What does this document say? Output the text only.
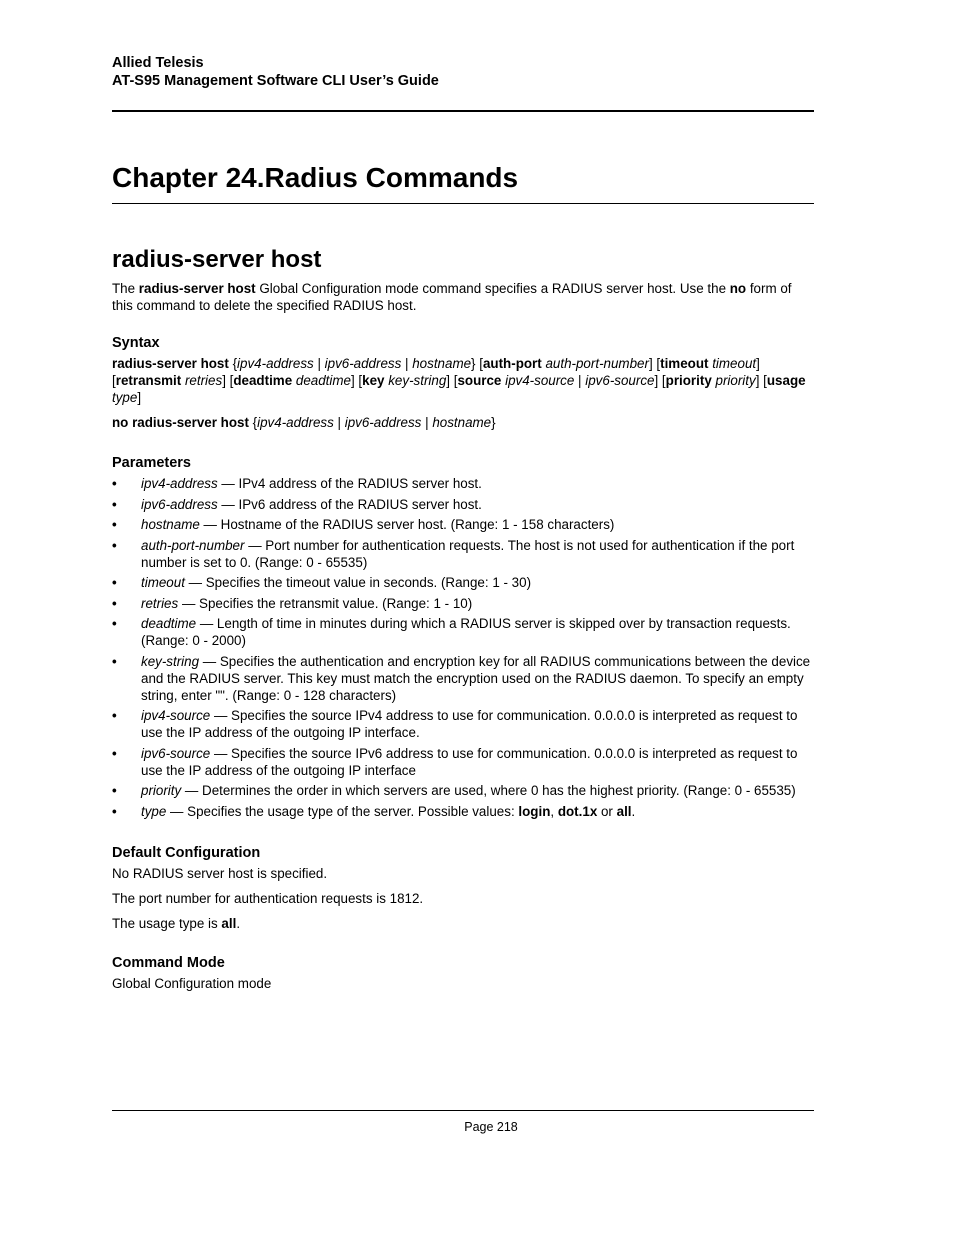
Allied Telesis
AT-S95 Management Software CLI User’s Guide
Chapter 24.Radius Commands
radius-server host

The radius-server host Global Configuration mode command specifies a RADIUS server host. Use the no form of this command to delete the specified RADIUS host.

Syntax

radius-server host {ipv4-address | ipv6-address | hostname} [auth-port auth-port-number] [timeout timeout] [retransmit retries] [deadtime deadtime] [key key-string] [source ipv4-source | ipv6-source] [priority priority] [usage type]

no radius-server host {ipv4-address | ipv6-address | hostname}

Parameters
• ipv4-address — IPv4 address of the RADIUS server host.
• ipv6-address — IPv6 address of the RADIUS server host.
• hostname — Hostname of the RADIUS server host. (Range: 1 - 158 characters)
• auth-port-number — Port number for authentication requests. The host is not used for authentication if the port number is set to 0. (Range: 0 - 65535)
• timeout — Specifies the timeout value in seconds. (Range: 1 - 30)
• retries — Specifies the retransmit value. (Range: 1 - 10)
• deadtime — Length of time in minutes during which a RADIUS server is skipped over by transaction requests. (Range: 0 - 2000)
• key-string — Specifies the authentication and encryption key for all RADIUS communications between the device and the RADIUS server. This key must match the encryption used on the RADIUS daemon. To specify an empty string, enter "". (Range: 0 - 128 characters)
• ipv4-source — Specifies the source IPv4 address to use for communication. 0.0.0.0 is interpreted as request to use the IP address of the outgoing IP interface.
• ipv6-source — Specifies the source IPv6 address to use for communication. 0.0.0.0 is interpreted as request to use the IP address of the outgoing IP interface
• priority — Determines the order in which servers are used, where 0 has the highest priority. (Range: 0 - 65535)
• type — Specifies the usage type of the server. Possible values: login, dot.1x or all.
Default Configuration

No RADIUS server host is specified.

The port number for authentication requests is 1812.

The usage type is all.

Command Mode

Global Configuration mode

Page 218
